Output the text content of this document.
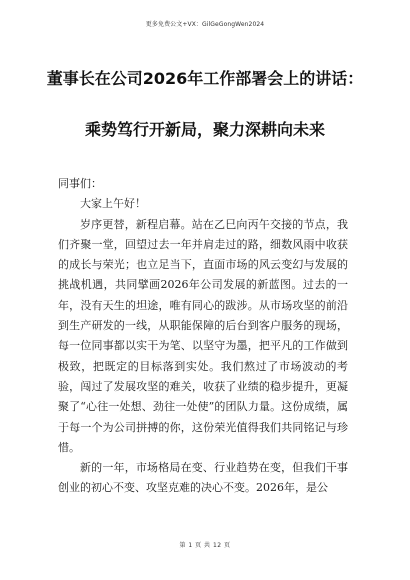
更多免费公文+VX：GilGeGongWen2024
董事长在公司2026年工作部署会上的讲话：
乘势笃行开新局，聚力深耕向未来

同事们：

大家上午好！

岁序更替，新程启幕。站在乙巳向丙午交接的节点，我们齐聚一堂，回望过去一年并肩走过的路，细数风雨中收获的成长与荣光；也立足当下，直面市场的风云变幻与发展的挑战机遇，共同擘画2026年公司发展的新蓝图。过去的一年，没有天生的坦途，唯有同心的跋涉。从市场攻坚的前沿到生产研发的一线，从职能保障的后台到客户服务的现场，每一位同事都以实干为笔、以坚守为墨，把平凡的工作做到极致，把既定的目标落到实处。我们熬过了市场波动的考验，闯过了发展攻坚的难关，收获了业绩的稳步提升，更凝聚了“心往一处想、劲往一处使”的团队力量。这份成绩，属于每一个为公司拼搏的你，这份荣光值得我们共同铭记与珍惜。

新的一年，市场格局在变、行业趋势在变，但我们干事创业的初心不变、攻坚克难的决心不变。2026年，是公

第 1 页 共 12 页
